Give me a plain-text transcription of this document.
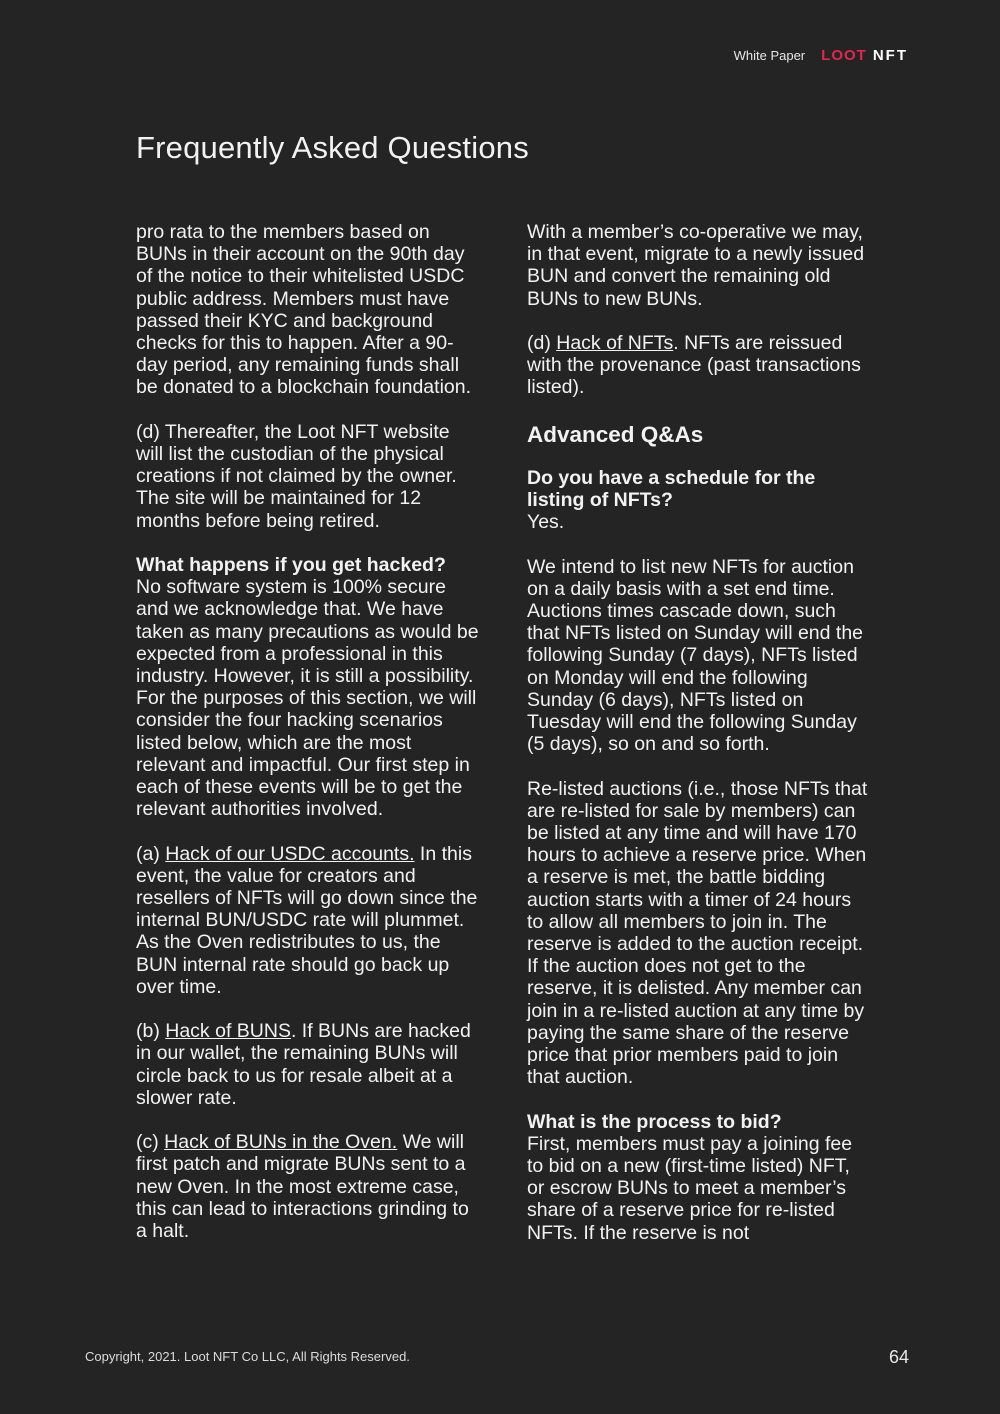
White Paper LOOT NFT
Frequently Asked Questions

pro rata to the members based on BUNs in their account on the 90th day of the notice to their whitelisted USDC public address. Members must have passed their KYC and background checks for this to happen. After a 90-day period, any remaining funds shall be donated to a blockchain foundation.

(d) Thereafter, the Loot NFT website will list the custodian of the physical creations if not claimed by the owner. The site will be maintained for 12 months before being retired.

What happens if you get hacked?
No software system is 100% secure and we acknowledge that. We have taken as many precautions as would be expected from a professional in this industry. However, it is still a possibility. For the purposes of this section, we will consider the four hacking scenarios listed below, which are the most relevant and impactful. Our first step in each of these events will be to get the relevant authorities involved.

(a) Hack of our USDC accounts. In this event, the value for creators and resellers of NFTs will go down since the internal BUN/USDC rate will plummet. As the Oven redistributes to us, the BUN internal rate should go back up over time.

(b) Hack of BUNS. If BUNs are hacked in our wallet, the remaining BUNs will circle back to us for resale albeit at a slower rate.

(c) Hack of BUNs in the Oven. We will first patch and migrate BUNs sent to a new Oven. In the most extreme case, this can lead to interactions grinding to a halt.

With a member’s co-operative we may, in that event, migrate to a newly issued BUN and convert the remaining old BUNs to new BUNs.

(d) Hack of NFTs. NFTs are reissued with the provenance (past transactions listed).

Advanced Q&As

Do you have a schedule for the listing of NFTs?
Yes.

We intend to list new NFTs for auction on a daily basis with a set end time. Auctions times cascade down, such that NFTs listed on Sunday will end the following Sunday (7 days), NFTs listed on Monday will end the following Sunday (6 days), NFTs listed on Tuesday will end the following Sunday (5 days), so on and so forth.

Re-listed auctions (i.e., those NFTs that are re-listed for sale by members) can be listed at any time and will have 170 hours to achieve a reserve price. When a reserve is met, the battle bidding auction starts with a timer of 24 hours to allow all members to join in. The reserve is added to the auction receipt. If the auction does not get to the reserve, it is delisted. Any member can join in a re-listed auction at any time by paying the same share of the reserve price that prior members paid to join that auction.

What is the process to bid?
First, members must pay a joining fee to bid on a new (first-time listed) NFT, or escrow BUNs to meet a member’s share of a reserve price for re-listed NFTs. If the reserve is not

Copyright, 2021. Loot NFT Co LLC, All Rights Reserved.	64
